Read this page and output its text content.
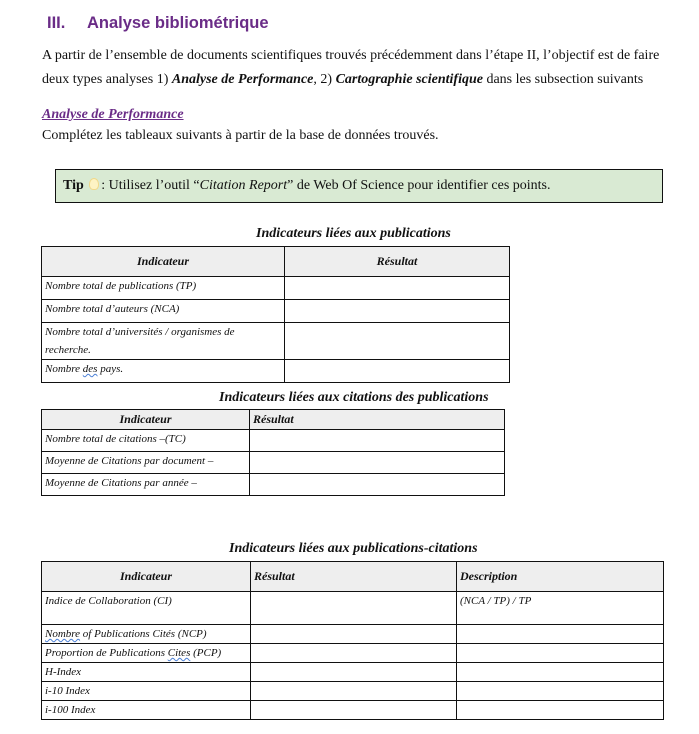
III. Analyse bibliométrique
A partir de l’ensemble de documents scientifiques trouvés précédemment dans l’étape II, l’objectif est de faire deux types analyses 1) Analyse de Performance, 2) Cartographie scientifique dans les subsection suivants
Analyse de Performance
Complétez les tableaux suivants à partir de la base de données trouvés.
Tip : Utilisez l’outil “Citation Report” de Web Of Science pour identifier ces points.
Indicateurs liées aux publications
Indicateur	Résultat
Nombre total de publications (TP)	
Nombre total d’auteurs (NCA)	
Nombre total d’universités / organismes de recherche.	
Nombre des pays.	
Indicateurs liées aux citations des publications
Indicateur	Résultat
Nombre total de citations –(TC)	
Moyenne de Citations par document –	
Moyenne de Citations par année –	
Indicateurs liées aux publications-citations
Indicateur	Résultat	Description
Indice de Collaboration (CI)		(NCA / TP) / TP
Nombre of Publications Cités (NCP)		
Proportion de Publications Cites (PCP)		
H-Index		
i-10 Index		
i-100 Index		
